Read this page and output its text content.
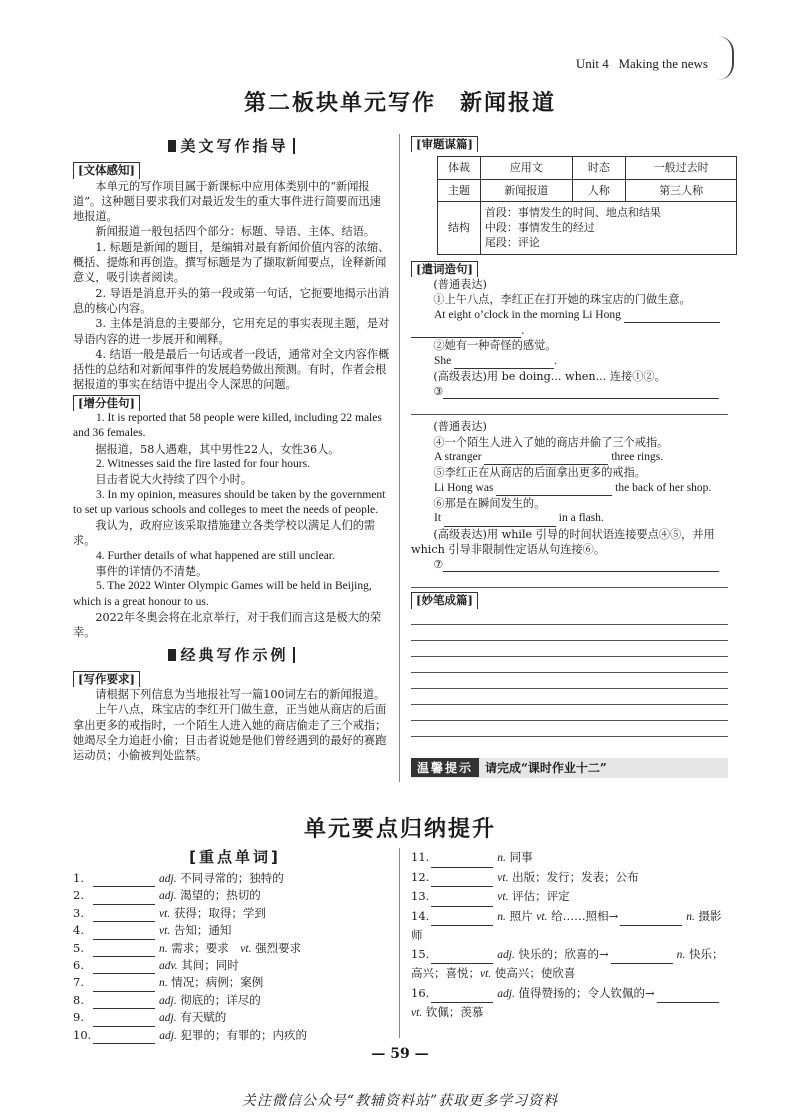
Unit 4 Making the news
第二板块单元写作　新闻报道
美文写作指导
[文体感知]

本单元的写作项目属于新课标中应用体类别中的“新闻报道”。这种题目要求我们对最近发生的重大事件进行简要而迅速地报道。

新闻报道一般包括四个部分：标题、导语、主体、结语。

1. 标题是新闻的题目，是编辑对最有新闻价值内容的浓缩、概括、提炼和再创造。撰写标题是为了撷取新闻要点，诠释新闻意义，吸引读者阅读。

2. 导语是消息开头的第一段或第一句话，它扼要地揭示出消息的核心内容。

3. 主体是消息的主要部分，它用充足的事实表现主题，是对导语内容的进一步展开和阐释。

4. 结语一般是最后一句话或者一段话，通常对全文内容作概括性的总结和对新闻事件的发展趋势做出预测。有时，作者会根据报道的事实在结语中提出令人深思的问题。

[增分佳句]

1. It is reported that 58 people were killed, including 22 males and 36 females.

据报道，58人遇难，其中男性22人，女性36人。

2. Witnesses said the fire lasted for four hours.

目击者说大火持续了四个小时。

3. In my opinion, measures should be taken by the government to set up various schools and colleges to meet the needs of people.

我认为，政府应该采取措施建立各类学校以满足人们的需求。

4. Further details of what happened are still unclear.

事件的详情仍不清楚。

5. The 2022 Winter Olympic Games will be held in Beijing, which is a great honour to us.

2022年冬奥会将在北京举行，对于我们而言这是极大的荣幸。

经典写作示例
[写作要求]

请根据下列信息为当地报社写一篇100词左右的新闻报道。

上午八点，珠宝店的李红开门做生意，正当她从商店的后面拿出更多的戒指时，一个陌生人进入她的商店偷走了三个戒指；她竭尽全力追赶小偷；目击者说她是他们曾经遇到的最好的赛跑运动员；小偷被判处监禁。

[审题谋篇]
体裁	应用文	时态	一般过去时
主题	新闻报道	人称	第三人称
结构	首段：事情发生的时间、地点和结果
中段：事情发生的经过
尾段：评论		
[遣词造句]

(普通表达)

①上午八点，李红正在打开她的珠宝店的门做生意。

At eight o’clock in the morning Li Hong

.

②她有一种奇怪的感觉。

She	.

(高级表达)用 be doing... when... 连接①②。

③

(普通表达)

④一个陌生人进入了她的商店并偷了三个戒指。

A stranger	three rings.

⑤李红正在从商店的后面拿出更多的戒指。

Li Hong was	the back of her shop.

⑥那是在瞬间发生的。

It	in a flash.

(高级表达)用 while 引导的时间状语连接要点④⑤，并用 which 引导非限制性定语从句连接⑥。

⑦

[妙笔成篇]
温馨提示 请完成“课时作业十二”
单元要点归纳提升
[重点单词]
1.	adj. 不同寻常的；独特的
2.	adj. 渴望的；热切的
3.	vt. 获得；取得；学到
4.	vt. 告知；通知
5.	n. 需求；要求　vt. 强烈要求
6.	adv. 其间；同时
7.	n. 情况；病例；案例
8.	adj. 彻底的；详尽的
9.	adj. 有天赋的
10.	adj. 犯罪的；有罪的；内疚的
11.	n. 同事
12.	vt. 出版；发行；发表；公布
13.	vt. 评估；评定
14.	n. 照片 vt. 给……照相→	n. 摄影师
15.	adj. 快乐的；欣喜的→	n. 快乐；高兴；喜悦；vt. 使高兴；使欣喜
16.	adj. 值得赞扬的；令人钦佩的→vt. 钦佩；羡慕
— 59 —
关注微信公众号“教辅资料站”获取更多学习资料
